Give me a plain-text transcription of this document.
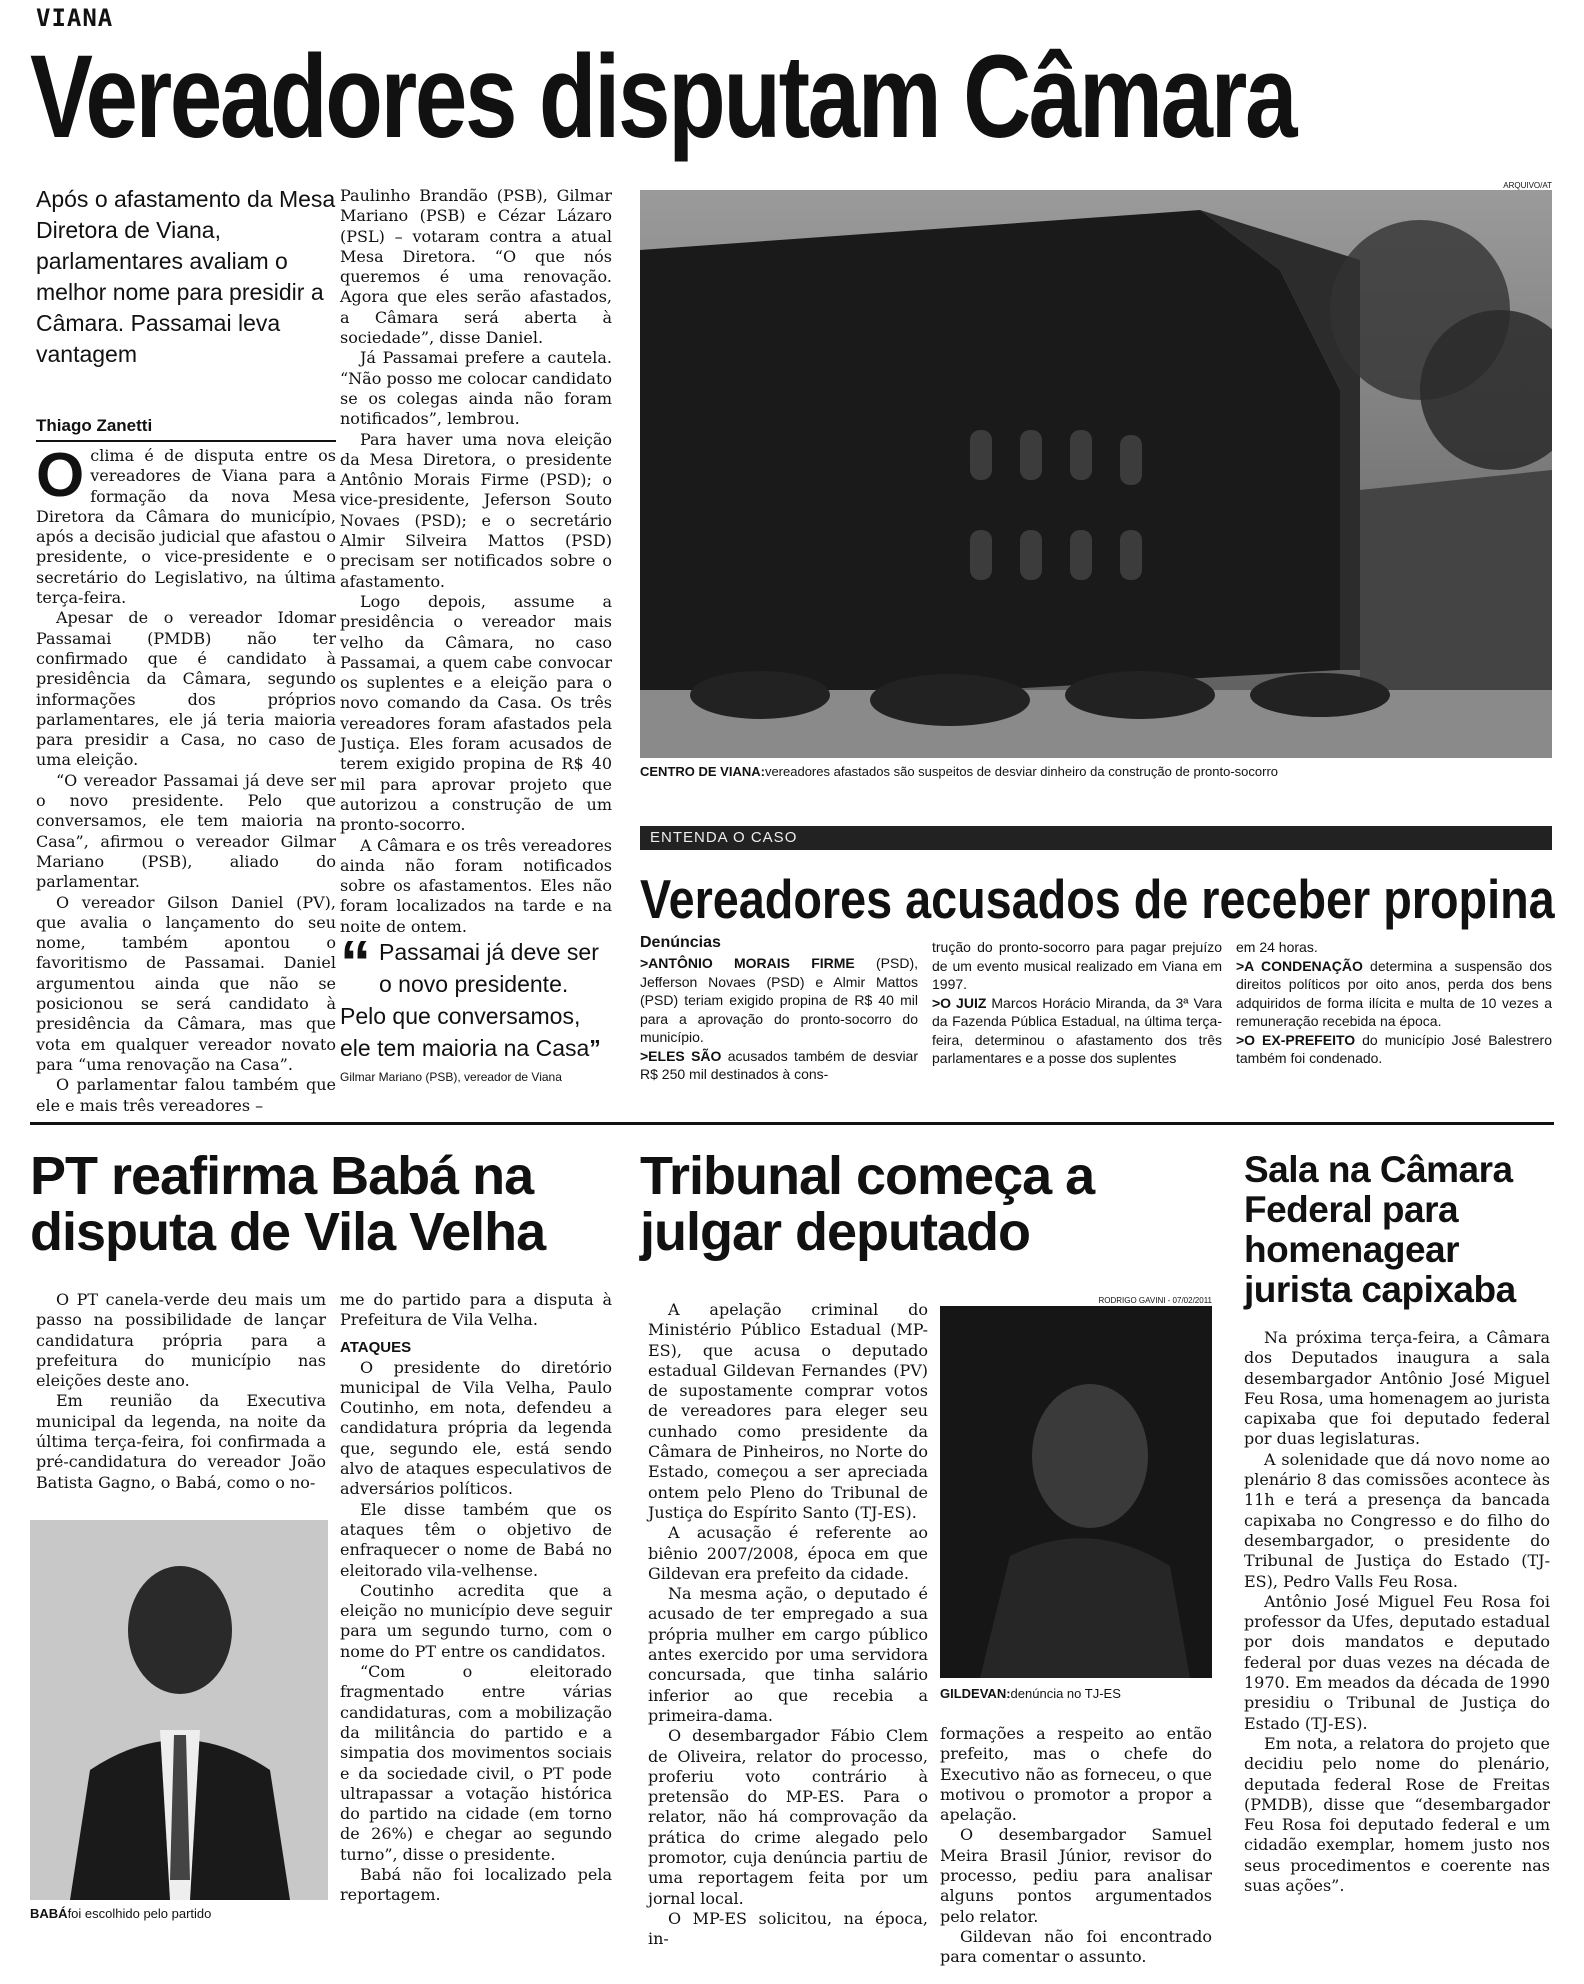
VIANA
Vereadores disputam Câmara
Após o afastamento da Mesa Diretora de Viana, parlamentares avaliam o melhor nome para presidir a Câmara. Passamai leva vantagem
Thiago Zanetti

O clima é de disputa entre os vereadores de Viana para a formação da nova Mesa Diretora da Câmara do município, após a decisão judicial que afastou o presidente, o vice-presidente e o secretário do Legislativo, na última terça-feira.

Apesar de o vereador Idomar Passamai (PMDB) não ter confirmado que é candidato à presidência da Câmara, segundo informações dos próprios parlamentares, ele já teria maioria para presidir a Casa, no caso de uma eleição.

“O vereador Passamai já deve ser o novo presidente. Pelo que conversamos, ele tem maioria na Casa”, afirmou o vereador Gilmar Mariano (PSB), aliado do parlamentar.

O vereador Gilson Daniel (PV), que avalia o lançamento do seu nome, também apontou o favoritismo de Passamai. Daniel argumentou ainda que não se posicionou se será candidato à presidência da Câmara, mas que vota em qualquer vereador novato para “uma renovação na Casa”.

O parlamentar falou também que ele e mais três vereadores –

Paulinho Brandão (PSB), Gilmar Mariano (PSB) e Cézar Lázaro (PSL) – votaram contra a atual Mesa Diretora. “O que nós queremos é uma renovação. Agora que eles serão afastados, a Câmara será aberta à sociedade”, disse Daniel.

Já Passamai prefere a cautela. “Não posso me colocar candidato se os colegas ainda não foram notificados”, lembrou.

Para haver uma nova eleição da Mesa Diretora, o presidente Antônio Morais Firme (PSD); o vice-presidente, Jeferson Souto Novaes (PSD); e o secretário Almir Silveira Mattos (PSD) precisam ser notificados sobre o afastamento.

Logo depois, assume a presidência o vereador mais velho da Câmara, no caso Passamai, a quem cabe convocar os suplentes e a eleição para o novo comando da Casa. Os três vereadores foram afastados pela Justiça. Eles foram acusados de terem exigido propina de R$ 40 mil para aprovar projeto que autorizou a construção de um pronto-socorro.

A Câmara e os três vereadores ainda não foram notificados sobre os afastamentos. Eles não foram localizados na tarde e na noite de ontem.

“ Passamai já deve ser o novo presidente. Pelo que conversamos, ele tem maioria na Casa”
Gilmar Mariano (PSB), vereador de Viana
ARQUIVO/AT
CENTRO DE VIANA:vereadores afastados são suspeitos de desviar dinheiro da construção de pronto-socorro
ENTENDA O CASO
Vereadores acusados de receber propina
Denúncias

>ANTÔNIO MORAIS FIRME (PSD), Jefferson Novaes (PSD) e Almir Mattos (PSD) teriam exigido propina de R$ 40 mil para a aprovação do pronto-socorro do município.

>ELES SÃO acusados também de desviar R$ 250 mil destinados à cons-

trução do pronto-socorro para pagar prejuízo de um evento musical realizado em Viana em 1997.

>O JUIZ Marcos Horácio Miranda, da 3ª Vara da Fazenda Pública Estadual, na última terça-feira, determinou o afastamento dos três parlamentares e a posse dos suplentes

em 24 horas.

>A CONDENAÇÃO determina a suspensão dos direitos políticos por oito anos, perda dos bens adquiridos de forma ilícita e multa de 10 vezes a remuneração recebida na época.

>O EX-PREFEITO do município José Balestrero também foi condenado.

PT reafirma Babá na disputa de Vila Velha

O PT canela-verde deu mais um passo na possibilidade de lançar candidatura própria para a prefeitura do município nas eleições deste ano.

Em reunião da Executiva municipal da legenda, na noite da última terça-feira, foi confirmada a pré-candidatura do vereador João Batista Gagno, o Babá, como o no-

BABÁfoi escolhido pelo partido

me do partido para a disputa à Prefeitura de Vila Velha.

ATAQUES

O presidente do diretório municipal de Vila Velha, Paulo Coutinho, em nota, defendeu a candidatura própria da legenda que, segundo ele, está sendo alvo de ataques especulativos de adversários políticos.

Ele disse também que os ataques têm o objetivo de enfraquecer o nome de Babá no eleitorado vila-velhense.

Coutinho acredita que a eleição no município deve seguir para um segundo turno, com o nome do PT entre os candidatos.

“Com o eleitorado fragmentado entre várias candidaturas, com a mobilização da militância do partido e a simpatia dos movimentos sociais e da sociedade civil, o PT pode ultrapassar a votação histórica do partido na cidade (em torno de 26%) e chegar ao segundo turno”, disse o presidente.

Babá não foi localizado pela reportagem.

Tribunal começa a julgar deputado

A apelação criminal do Ministério Público Estadual (MP-ES), que acusa o deputado estadual Gildevan Fernandes (PV) de supostamente comprar votos de vereadores para eleger seu cunhado como presidente da Câmara de Pinheiros, no Norte do Estado, começou a ser apreciada ontem pelo Pleno do Tribunal de Justiça do Espírito Santo (TJ-ES).

A acusação é referente ao biênio 2007/2008, época em que Gildevan era prefeito da cidade.

Na mesma ação, o deputado é acusado de ter empregado a sua própria mulher em cargo público antes exercido por uma servidora concursada, que tinha salário inferior ao que recebia a primeira-dama.

O desembargador Fábio Clem de Oliveira, relator do processo, proferiu voto contrário à pretensão do MP-ES. Para o relator, não há comprovação da prática do crime alegado pelo promotor, cuja denúncia partiu de uma reportagem feita por um jornal local.

O MP-ES solicitou, na época, in-

RODRIGO GAVINI - 07/02/2011
GILDEVAN:denúncia no TJ-ES

formações a respeito ao então prefeito, mas o chefe do Executivo não as forneceu, o que motivou o promotor a propor a apelação.

O desembargador Samuel Meira Brasil Júnior, revisor do processo, pediu para analisar alguns pontos argumentados pelo relator.

Gildevan não foi encontrado para comentar o assunto.

Sala na Câmara Federal para homenagear jurista capixaba

Na próxima terça-feira, a Câmara dos Deputados inaugura a sala desembargador Antônio José Miguel Feu Rosa, uma homenagem ao jurista capixaba que foi deputado federal por duas legislaturas.

A solenidade que dá novo nome ao plenário 8 das comissões acontece às 11h e terá a presença da bancada capixaba no Congresso e do filho do desembargador, o presidente do Tribunal de Justiça do Estado (TJ-ES), Pedro Valls Feu Rosa.

Antônio José Miguel Feu Rosa foi professor da Ufes, deputado estadual por dois mandatos e deputado federal por duas vezes na década de 1970. Em meados da década de 1990 presidiu o Tribunal de Justiça do Estado (TJ-ES).

Em nota, a relatora do projeto que decidiu pelo nome do plenário, deputada federal Rose de Freitas (PMDB), disse que “desembargador Feu Rosa foi deputado federal e um cidadão exemplar, homem justo nos seus procedimentos e coerente nas suas ações”.
